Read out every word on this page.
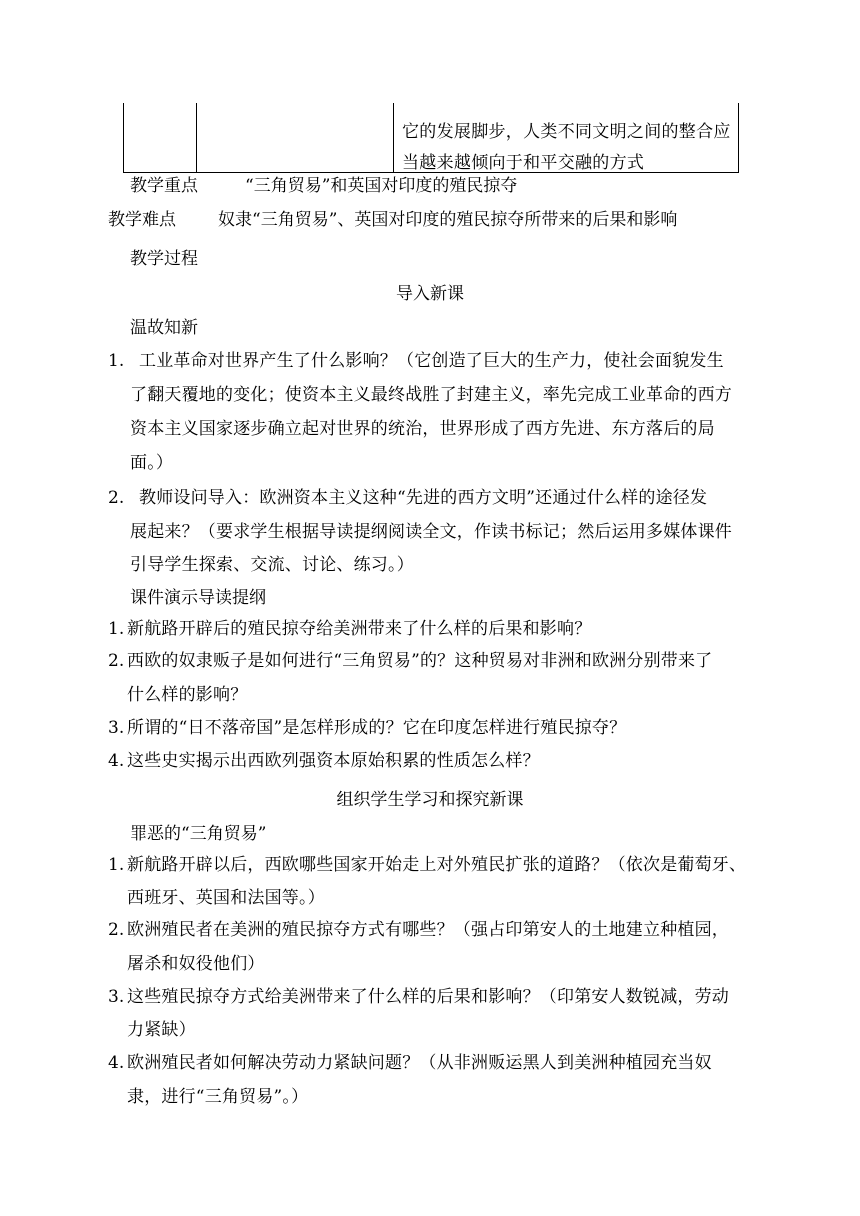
它的发展脚步，人类不同文明之间的整合应
当越来越倾向于和平交融的方式
教学重点	“三角贸易”和英国对印度的殖民掠夺
教学难点 奴隶“三角贸易”、英国对印度的殖民掠夺所带来的后果和影响
教学过程
导入新课
温故知新
1. 工业革命对世界产生了什么影响？（它创造了巨大的生产力，使社会面貌发生
了翻天覆地的变化；使资本主义最终战胜了封建主义，率先完成工业革命的西方
资本主义国家逐步确立起对世界的统治，世界形成了西方先进、东方落后的局
面。）
2. 教师设问导入：欧洲资本主义这种“先进的西方文明”还通过什么样的途径发
展起来？（要求学生根据导读提纲阅读全文，作读书标记；然后运用多媒体课件
引导学生探索、交流、讨论、练习。）
课件演示导读提纲
1. 新航路开辟后的殖民掠夺给美洲带来了什么样的后果和影响？
2. 西欧的奴隶贩子是如何进行“三角贸易”的？这种贸易对非洲和欧洲分别带来了
什么样的影响？
3. 所谓的“日不落帝国”是怎样形成的？它在印度怎样进行殖民掠夺？
4. 这些史实揭示出西欧列强资本原始积累的性质怎么样？
组织学生学习和探究新课
罪恶的“三角贸易”
1. 新航路开辟以后，西欧哪些国家开始走上对外殖民扩张的道路？（依次是葡萄牙、
西班牙、英国和法国等。）
2. 欧洲殖民者在美洲的殖民掠夺方式有哪些？（强占印第安人的土地建立种植园，
屠杀和奴役他们）
3. 这些殖民掠夺方式给美洲带来了什么样的后果和影响？（印第安人数锐减，劳动
力紧缺）
4. 欧洲殖民者如何解决劳动力紧缺问题？（从非洲贩运黑人到美洲种植园充当奴
隶，进行“三角贸易”。）
